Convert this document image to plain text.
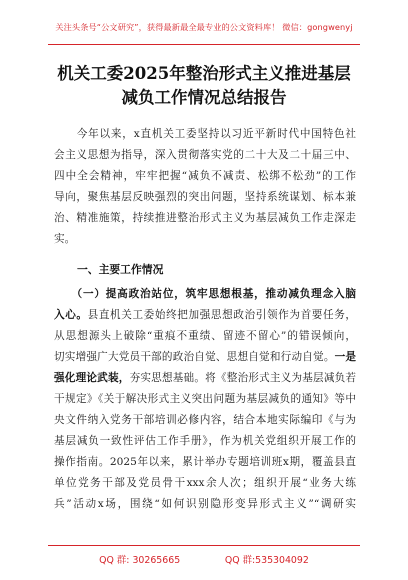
关注头条号“公文研究”，获得最新最全最专业的公文资料库！ 微信：gongwenyj
机关工委2025年整治形式主义推进基层
减负工作情况总结报告
　　今年以来，x直机关工委坚持以习近平新时代中国特色社
会主义思想为指导，深入贯彻落实党的二十大及二十届三中、
四中全会精神，牢牢把握“减负不减责、松绑不松劲”的工作
导向，聚焦基层反映强烈的突出问题，坚持系统谋划、标本兼
治、精准施策，持续推进整治形式主义为基层减负工作走深走
实。
一、主要工作情况
　　（一）提高政治站位，筑牢思想根基，推动减负理念入脑
入心。县直机关工委始终把加强思想政治引领作为首要任务，
从思想源头上破除“重痕不重绩、留迹不留心”的错误倾向，
切实增强广大党员干部的政治自觉、思想自觉和行动自觉。一是
强化理论武装，夯实思想基础。将《整治形式主义为基层减负若
干规定》《关于解决形式主义突出问题为基层减负的通知》等中
央文件纳入党务干部培训必修内容，结合本地实际编印《与为
基层减负一致性评估工作手册》，作为机关党组织开展工作的
操作指南。2025年以来，累计举办专题培训班x期，覆盖县直
单位党务干部及党员骨干xxx余人次；组织开展“业务大练
兵”活动x场，围绕“如何识别隐形变异形式主义”“调研实
QQ 群: 30265665	QQ 群:535304092
